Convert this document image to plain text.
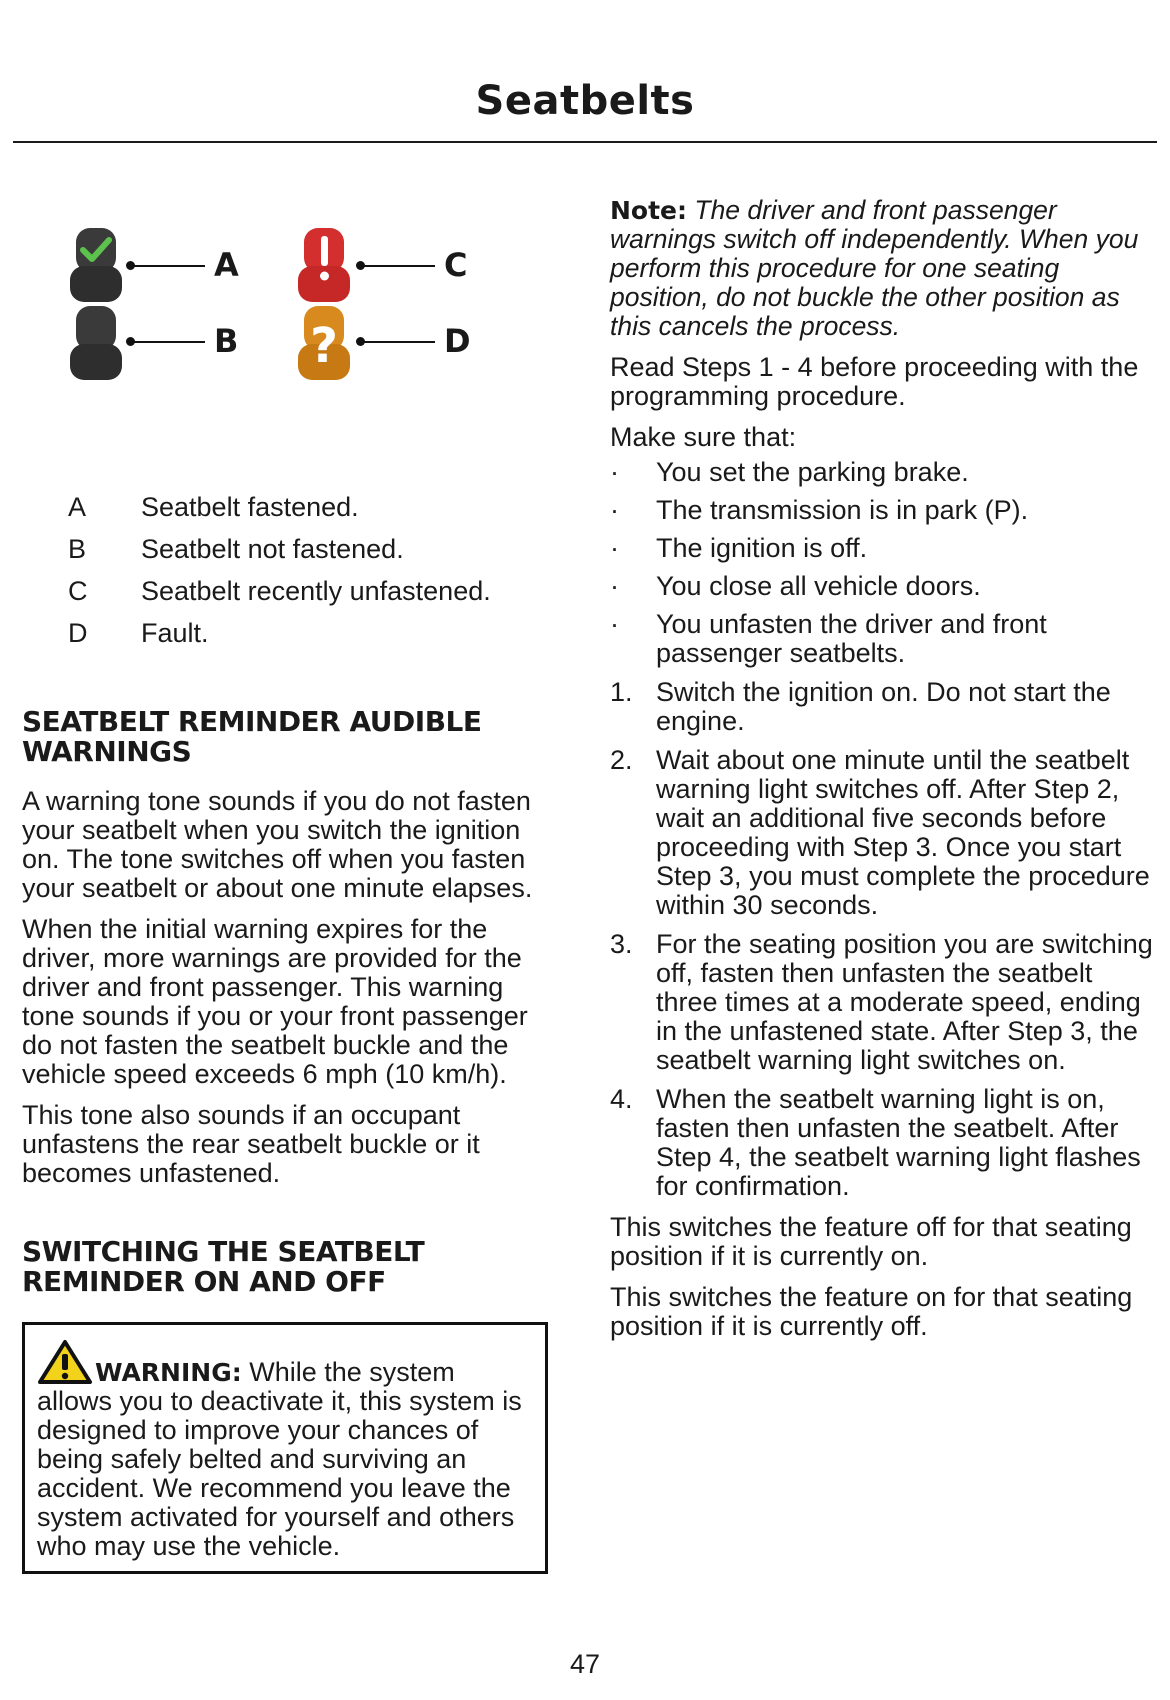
Seatbelts
A
B
C
?	D
A Seatbelt fastened.
B Seatbelt not fastened.
C Seatbelt recently unfastened.
D Fault.
SEATBELT REMINDER AUDIBLE
WARNINGS

A warning tone sounds if you do not fasten your seatbelt when you switch the ignition on. The tone switches off when you fasten your seatbelt or about one minute elapses.

When the initial warning expires for the driver, more warnings are provided for the driver and front passenger. This warning tone sounds if you or your front passenger do not fasten the seatbelt buckle and the vehicle speed exceeds 6 mph (10 km/h).

This tone also sounds if an occupant unfastens the rear seatbelt buckle or it becomes unfastened.

SWITCHING THE SEATBELT
REMINDER ON AND OFF

WARNING: While the system allows you to deactivate it, this system is designed to improve your chances of being safely belted and surviving an accident. We recommend you leave the system activated for yourself and others who may use the vehicle.

Note: The driver and front passenger warnings switch off independently. When you perform this procedure for one seating position, do not buckle the other position as this cancels the process.

Read Steps 1 - 4 before proceeding with the programming procedure.

Make sure that:

· You set the parking brake.
· The transmission is in park (P).
· The ignition is off.
· You close all vehicle doors.
· You unfasten the driver and front passenger seatbelts.
1. Switch the ignition on. Do not start the engine.
2. Wait about one minute until the seatbelt warning light switches off. After Step 2, wait an additional five seconds before proceeding with Step 3. Once you start Step 3, you must complete the procedure within 30 seconds.
3. For the seating position you are switching off, fasten then unfasten the seatbelt three times at a moderate speed, ending in the unfastened state. After Step 3, the seatbelt warning light switches on.
4. When the seatbelt warning light is on, fasten then unfasten the seatbelt. After Step 4, the seatbelt warning light flashes for confirmation.

This switches the feature off for that seating position if it is currently on.

This switches the feature on for that seating position if it is currently off.

47
